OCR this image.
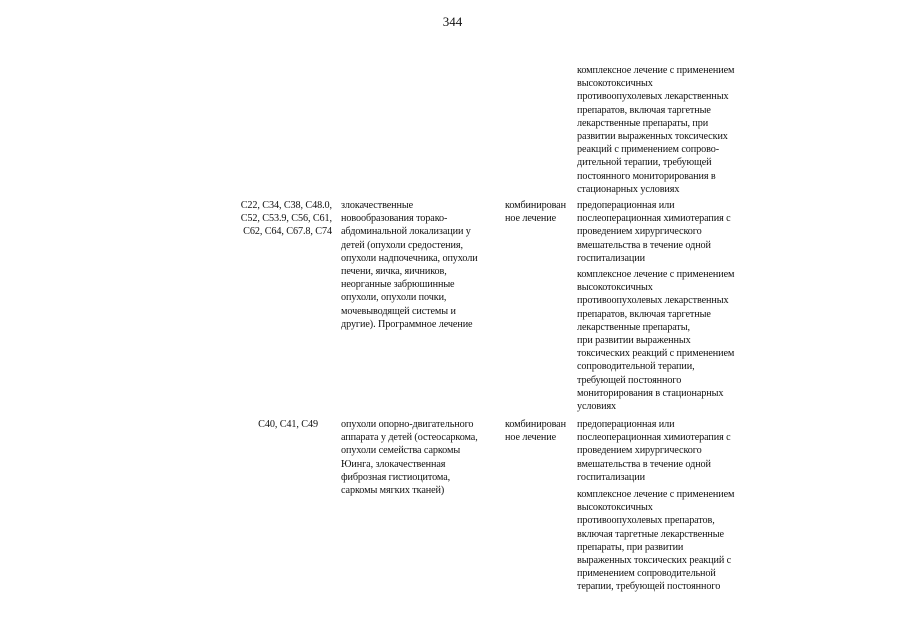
344
комплексное лечение с применением
высокотоксичных
противоопухолевых лекарственных
препаратов, включая таргетные
лекарственные препараты, при
развитии выраженных токсических
реакций с применением сопрово-
дительной терапии, требующей
постоянного мониторирования в
стационарных условиях
C22, C34, C38, C48.0,
C52, C53.9, C56, C61,
C62, C64, C67.8, C74
злокачественные
новообразования торако-
абдоминальной локализации у
детей (опухоли средостения,
опухоли надпочечника, опухоли
печени, яичка, яичников,
неорганные забрюшинные
опухоли, опухоли почки,
мочевыводящей системы и
другие). Программное лечение
комбинирован
ное лечение
предоперационная или
послеоперационная химиотерапия с
проведением хирургического
вмешательства в течение одной
госпитализации
комплексное лечение с применением
высокотоксичных
противоопухолевых лекарственных
препаратов, включая таргетные
лекарственные препараты,
при развитии выраженных
токсических реакций с применением
сопроводительной терапии,
требующей постоянного
мониторирования в стационарных
условиях
C40, C41, C49 опухоли опорно-двигательного
аппарата у детей (остеосаркома,
опухоли семейства саркомы
Юинга, злокачественная
фиброзная гистиоцитома,
саркомы мягких тканей)
комбинирован
ное лечение
предоперационная или
послеоперационная химиотерапия с
проведением хирургического
вмешательства в течение одной
госпитализации
комплексное лечение с применением
высокотоксичных
противоопухолевых препаратов,
включая таргетные лекарственные
препараты, при развитии
выраженных токсических реакций с
применением сопроводительной
терапии, требующей постоянного
